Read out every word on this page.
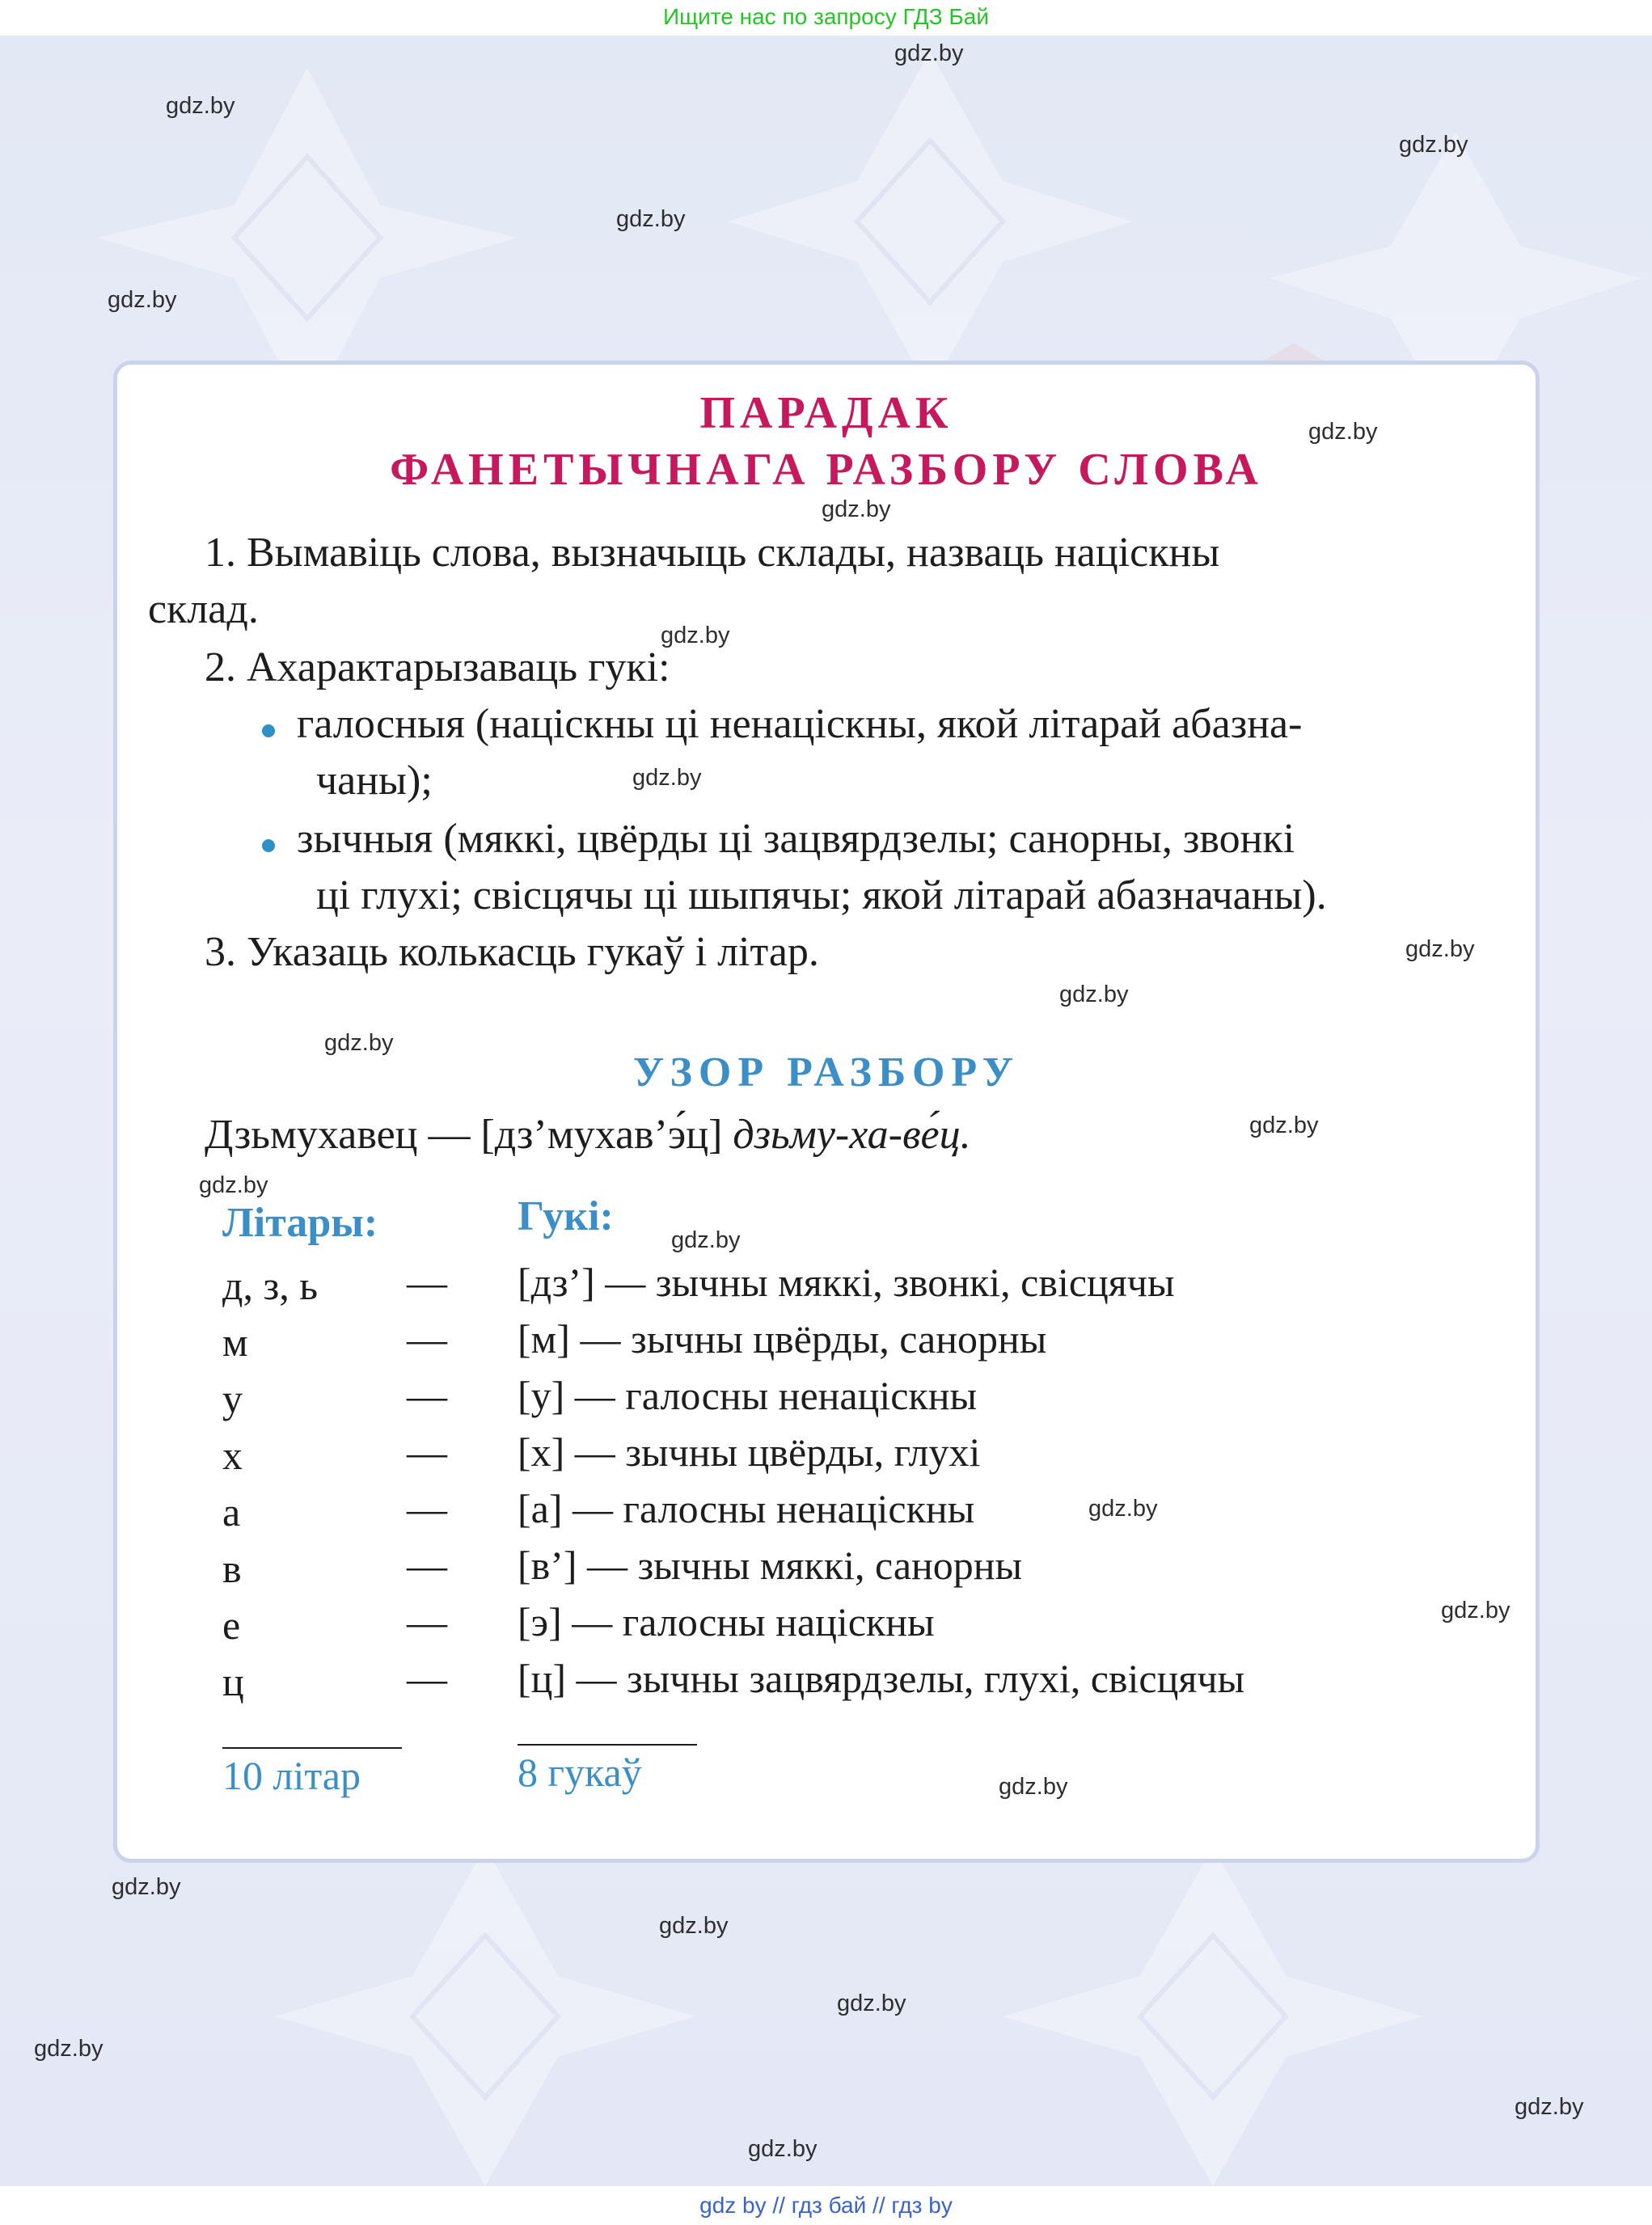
Ищите нас по запросу ГДЗ Бай
gdz by // гдз бай // гдз by
ПАРАДАК
ФАНЕТЫЧНАГА РАЗБОРУ СЛОВА
1. Вымавіць слова, вызначыць склады, назваць націскны
склад.
2. Ахарактарызаваць гукі:
галосныя (націскны ці ненаціскны, якой літарай абазна-
чаны);
зычныя (мяккі, цвёрды ці зацвярдзелы; санорны, звонкі
ці глухі; свісцячы ці шыпячы; якой літарай абазначаны).
3. Указаць колькасць гукаў і літар.
УЗОР РАЗБОРУ
Дзьмухавец — [дз’мухав’э́ц] дзьму-ха-ве́ц.
Літары:	Гукі:
д, з, ь — [дз’] — зычны мяккі, звонкі, свісцячы
м	— [м] — зычны цвёрды, санорны
у	— [у] — галосны ненаціскны
х	— [х] — зычны цвёрды, глухі
а	— [а] — галосны ненаціскны
в	— [в’] — зычны мяккі, санорны
е	— [э] — галосны націскны
ц	— [ц] — зычны зацвярдзелы, глухі, свісцячы
10 літар	8 гукаў
gdz.by
gdz.by
gdz.by
gdz.by
gdz.by
gdz.by
gdz.by
gdz.by
gdz.by
gdz.by
gdz.by
gdz.by
gdz.by
gdz.by
gdz.by
gdz.by
gdz.by
gdz.by
gdz.by
gdz.by
gdz.by
gdz.by
gdz.by
gdz.by
